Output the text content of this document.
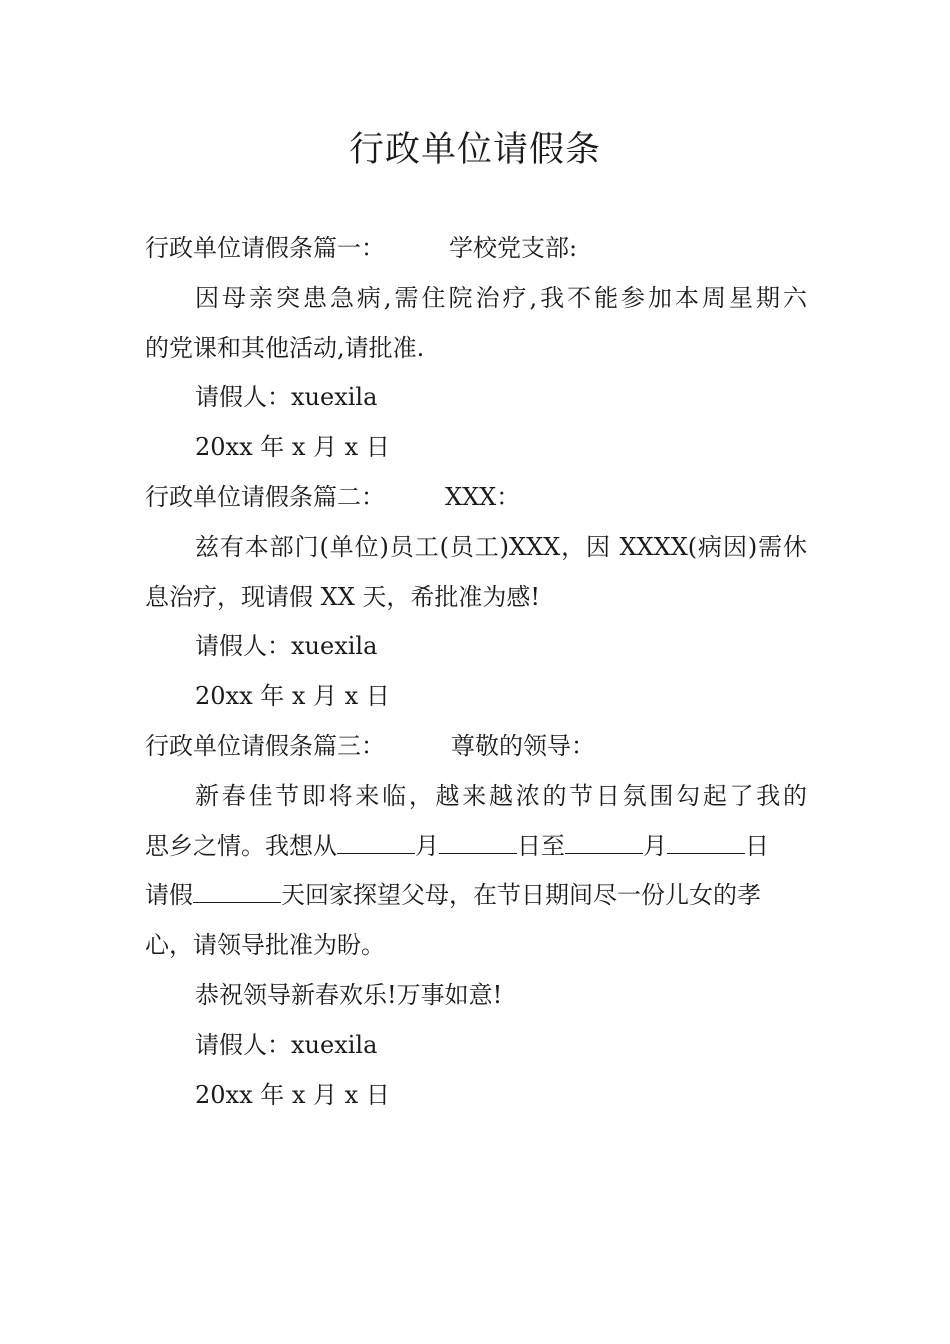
行政单位请假条
行政单位请假条篇一：	学校党支部:
因母亲突患急病,需住院治疗,我不能参加本周星期六
的党课和其他活动,请批准.
请假人：xuexila
20xx 年 x 月 x 日
行政单位请假条篇二：	XXX：
兹有本部门(单位)员工(员工)XXX，因 XXXX(病因)需休
息治疗，现请假 XX 天，希批准为感!
请假人：xuexila
20xx 年 x 月 x 日
行政单位请假条篇三：	尊敬的领导：
新春佳节即将来临，越来越浓的节日氛围勾起了我的
思乡之情。我想从	月	日至	月	日
请假	天回家探望父母，在节日期间尽一份儿女的孝
心，请领导批准为盼。
恭祝领导新春欢乐!万事如意!
请假人：xuexila
20xx 年 x 月 x 日
